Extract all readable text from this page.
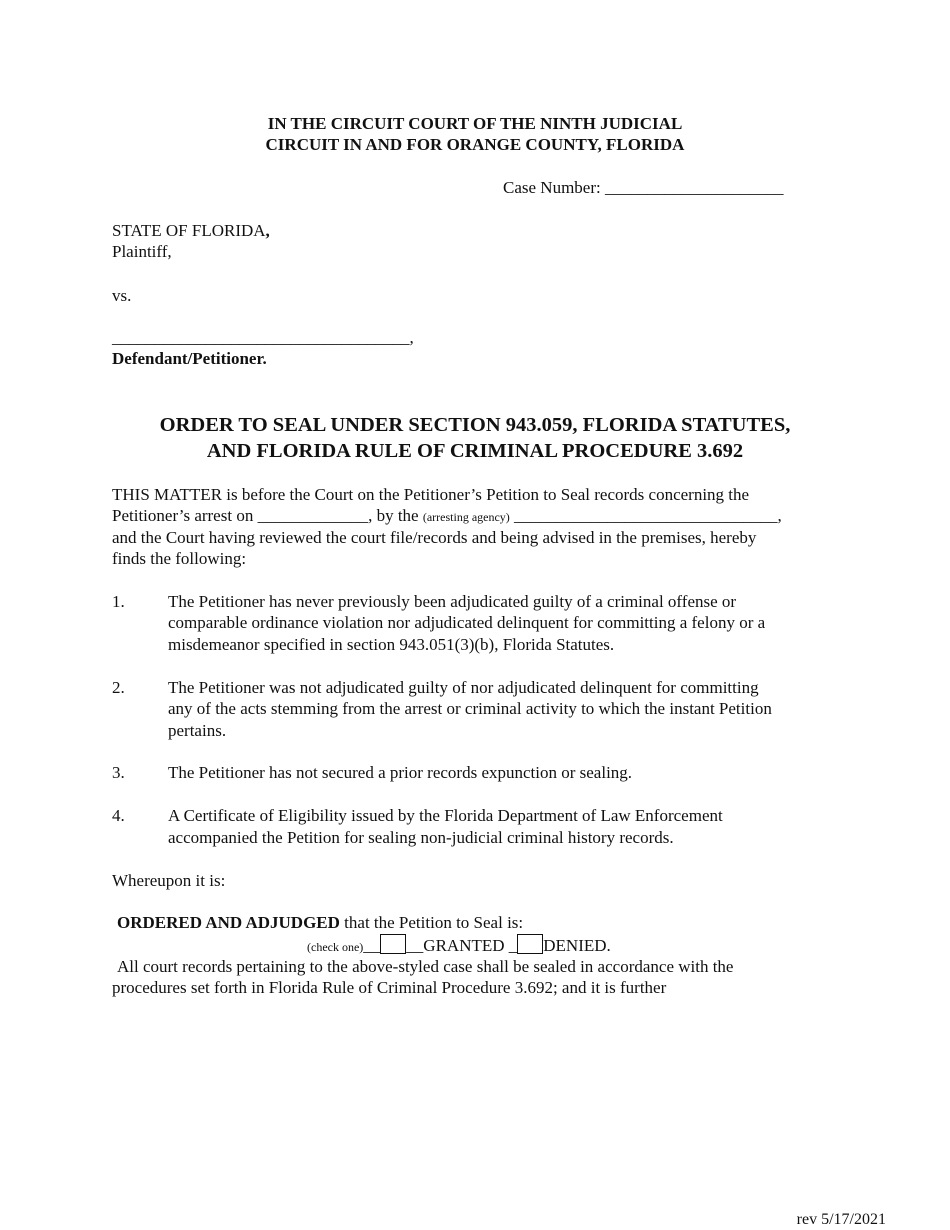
IN THE CIRCUIT COURT OF THE NINTH JUDICIAL
CIRCUIT IN AND FOR ORANGE COUNTY, FLORIDA
Case Number: _____________________
STATE OF FLORIDA,
Plaintiff,
vs.
___________________________________,
Defendant/Petitioner.
ORDER TO SEAL UNDER SECTION 943.059, FLORIDA STATUTES,
AND FLORIDA RULE OF CRIMINAL PROCEDURE 3.692
THIS MATTER is before the Court on the Petitioner’s Petition to Seal records concerning the
Petitioner’s arrest on _____________, by the (arresting agency) _______________________________,
and the Court having reviewed the court file/records and being advised in the premises, hereby
finds the following:
1.	The Petitioner has never previously been adjudicated guilty of a criminal offense or
comparable ordinance violation nor adjudicated delinquent for committing a felony or a
misdemeanor specified in section 943.051(3)(b), Florida Statutes.
2.	The Petitioner was not adjudicated guilty of nor adjudicated delinquent for committing
any of the acts stemming from the arrest or criminal activity to which the instant Petition
pertains.
3.	The Petitioner has not secured a prior records expunction or sealing.
4.	A Certificate of Eligibility issued by the Florida Department of Law Enforcement
accompanied the Petition for sealing non-judicial criminal history records.
Whereupon it is:
ORDERED AND ADJUDGED that the Petition to Seal is:
(check one)__ __GRANTED _ DENIED.
All court records pertaining to the above-styled case shall be sealed in accordance with the
procedures set forth in Florida Rule of Criminal Procedure 3.692; and it is further
rev 5/17/2021
